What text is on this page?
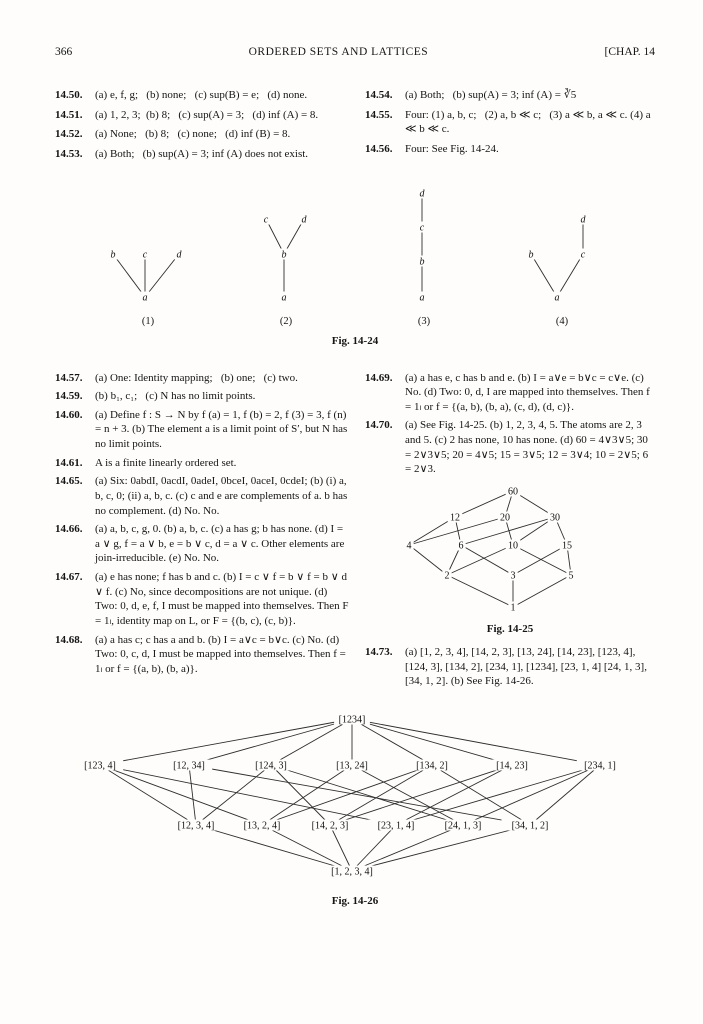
366	ORDERED SETS AND LATTICES	[CHAP. 14
14.50.	(a) e, f, g;   (b) none;   (c) sup(B) = e;   (d) none.
14.51.	(a) 1, 2, 3;  (b) 8;   (c) sup(A) = 3;   (d) inf (A) = 8.
14.52.	(a) None;   (b) 8;   (c) none;   (d) inf (B) = 8.
14.53.	(a) Both;   (b) sup(A) = 3; inf (A) does not exist.
14.54.	(a) Both;   (b) sup(A) = 3; inf (A) = ∛5
14.55.	Four: (1) a, b, c;   (2) a, b ≪ c;   (3) a ≪ b, a ≪ c. (4) a ≪ b ≪ c.
14.56.	Four: See Fig. 14-24.
a
b	c	d
(1)
a
b
c	d
(2)
a
b
c
d
(3)
a
b	c
d
(4)
Fig. 14-24
14.57.	(a) One: Identity mapping;   (b) one;   (c) two.
14.59.	(b) b₁, c₁;   (c) N has no limit points.
14.60.	(a) Define f : S → N by f (a) = 1, f (b) = 2, f (3) = 3, f (n) = n + 3. (b) The element a is a limit point of S′, but N has no limit points.
14.61.	A is a finite linearly ordered set.
14.65.	(a) Six: 0abdI, 0acdI, 0adeI, 0bceI, 0aceI, 0cdeI; (b) (i) a, b, c, 0; (ii) a, b, c. (c) c and e are complements of a. b has no complement. (d) No. No.
14.66.	(a) a, b, c, g, 0. (b) a, b, c. (c) a has g; b has none. (d) I = a ∨ g, f = a ∨ b, e = b ∨ c, d = a ∨ c. Other elements are join-irreducible. (e) No. No.
14.67.	(a) e has none; f has b and c. (b) I = c ∨ f = b ∨ f = b ∨ d ∨ f. (c) No, since decompositions are not unique. (d) Two: 0, d, e, f, I must be mapped into themselves. Then F = 1ₗ, identity map on L, or F = {(b, c), (c, b)}.
14.68.	(a) a has c; c has a and b. (b) I = a∨c = b∨c. (c) No. (d) Two: 0, c, d, I must be mapped into themselves. Then f = 1ₗ or f = {(a, b), (b, a)}.
14.69.	(a) a has e, c has b and e. (b) I = a∨e = b∨c = c∨e. (c) No. (d) Two: 0, d, I are mapped into themselves. Then f = 1ₗ or f = {(a, b), (b, a), (c, d), (d, c)}.
14.70.	(a) See Fig. 14-25. (b) 1, 2, 3, 4, 5. The atoms are 2, 3 and 5. (c) 2 has none, 10 has none. (d) 60 = 4∨3∨5; 30 = 2∨3∨5; 20 = 4∨5; 15 = 3∨5; 12 = 3∨4; 10 = 2∨5; 6 = 2∨3.
60
12	20	30
4	6	10	15
2	3	5
1
Fig. 14-25
14.73.	(a) [1, 2, 3, 4], [14, 2, 3], [13, 24], [14, 23], [123, 4], [124, 3], [134, 2], [234, 1], [1234], [23, 1, 4] [24, 1, 3], [34, 1, 2]. (b) See Fig. 14-26.
[1234]
[123, 4]	[12, 34]	[124, 3]	[13, 24]	[134, 2]	[14, 23]	[234, 1]
[12, 3, 4]	[13, 2, 4]	[14, 2, 3]	[23, 1, 4]	[24, 1, 3]	[34, 1, 2]
[1, 2, 3, 4]
Fig. 14-26
